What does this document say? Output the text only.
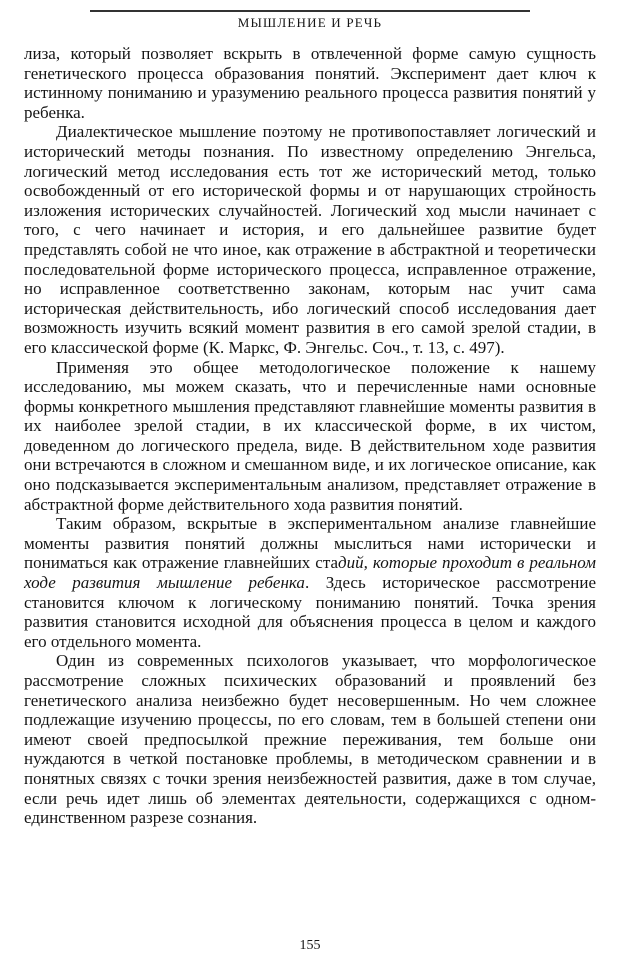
МЫШЛЕНИЕ И РЕЧЬ

лиза, который позволяет вскрыть в отвлеченной форме самую сущность генетического процесса образования понятий. Эксперимент дает ключ к истинному пониманию и уразумению реального процесса развития понятий у ребенка.

Диалектическое мышление поэтому не противопоставляет логический и исторический методы познания. По известному определению Энгельса, логический метод исследования есть тот же исторический метод, только освобожденный от его исторической формы и от нарушающих стройность изложения исторических случайностей. Логический ход мысли начинает с того, с чего начинает и история, и его дальнейшее развитие будет представлять собой не что иное, как отражение в абстрактной и теоретически последовательной форме исторического процесса, исправленное отражение, но исправленное соответственно законам, которым нас учит сама историческая действительность, ибо логический способ исследования дает возможность изучить всякий момент развития в его самой зрелой стадии, в его классической форме (К. Маркс, Ф. Энгельс. Соч., т. 13, с. 497).

Применяя это общее методологическое положение к нашему исследованию, мы можем сказать, что и перечисленные нами основные формы конкретного мышления представляют главнейшие моменты развития в их наиболее зрелой стадии, в их классической форме, в их чистом, доведенном до логического предела, виде. В действительном ходе развития они встречаются в сложном и смешанном виде, и их логическое описание, как оно подсказывается экспериментальным анализом, представляет отражение в абстрактной форме действительного хода развития понятий.

Таким образом, вскрытые в экспериментальном анализе главнейшие моменты развития понятий должны мыслиться нами исторически и пониматься как отражение главнейших стадий, которые проходит в реальном ходе развития мышление ребенка. Здесь историческое рассмотрение становится ключом к логическому пониманию понятий. Точка зрения развития становится исходной для объяснения процесса в целом и каждого его отдельного момента.

Один из современных психологов указывает, что морфологическое рассмотрение сложных психических образований и проявлений без генетического анализа неизбежно будет несовершенным. Но чем сложнее подлежащие изучению процессы, по его словам, тем в большей степени они имеют своей предпосылкой прежние переживания, тем больше они нуждаются в четкой постановке проблемы, в методическом сравнении и в понятных связях с точки зрения неизбежностей развития, даже в том случае, если речь идет лишь об элементах деятельности, содержащихся с одном-единственном разрезе сознания.

155
